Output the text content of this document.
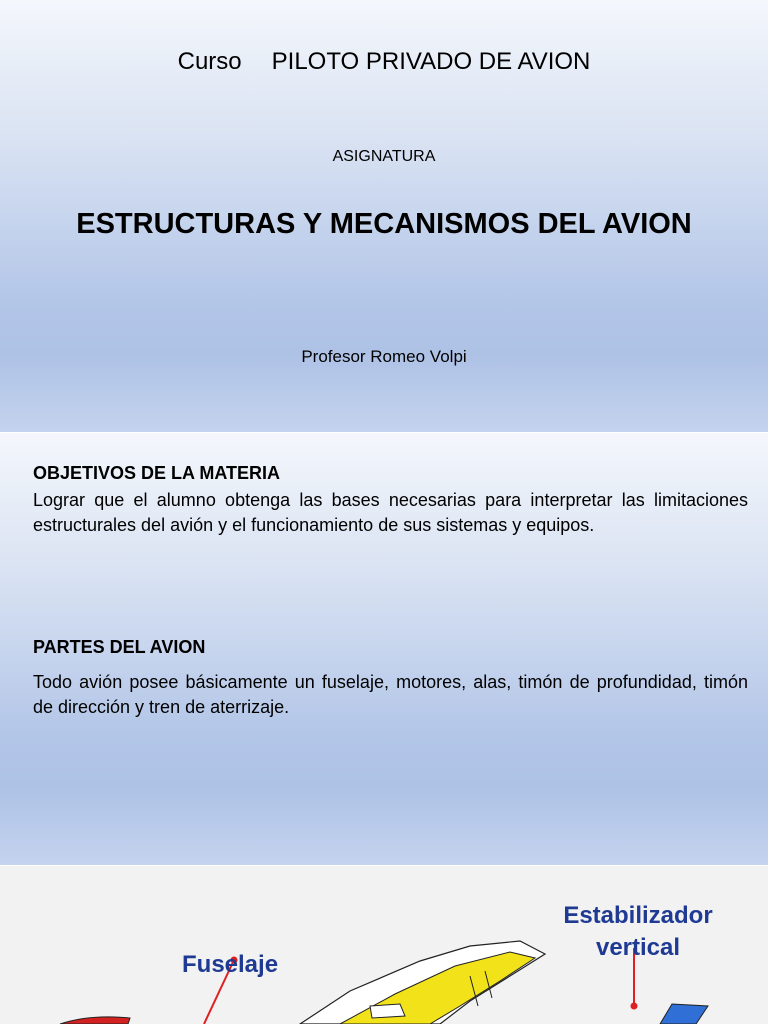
Curso PILOTO PRIVADO DE AVION
ASIGNATURA
ESTRUCTURAS Y MECANISMOS DEL AVION
Profesor Romeo Volpi
OBJETIVOS DE LA MATERIA
Lograr que el alumno obtenga las bases necesarias para interpretar las limitaciones estructurales del avión y el funcionamiento de sus sistemas y equipos.
PARTES DEL AVION
Todo avión posee básicamente un fuselaje, motores, alas, timón de profundidad, timón de dirección y tren de aterrizaje.
Fuselaje
Estabilizador
vertical
